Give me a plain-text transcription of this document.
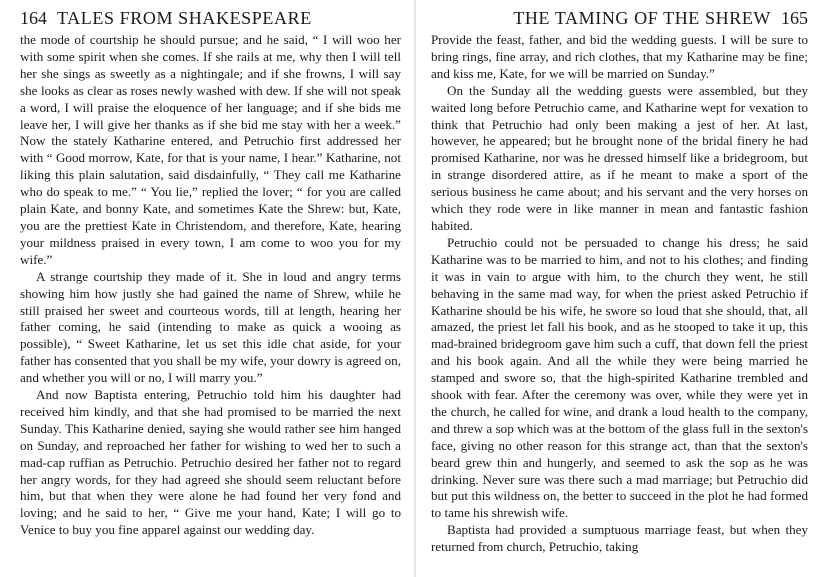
164 TALES FROM SHAKESPEARE

the mode of courtship he should pursue; and he said, “ I will woo her with some spirit when she comes. If she rails at me, why then I will tell her she sings as sweetly as a nightingale; and if she frowns, I will say she looks as clear as roses newly washed with dew. If she will not speak a word, I will praise the eloquence of her language; and if she bids me leave her, I will give her thanks as if she bid me stay with her a week.” Now the stately Katharine entered, and Petruchio first addressed her with “ Good morrow, Kate, for that is your name, I hear.” Katharine, not liking this plain salutation, said disdainfully, “ They call me Katharine who do speak to me.” “ You lie,” replied the lover; “ for you are called plain Kate, and bonny Kate, and sometimes Kate the Shrew: but, Kate, you are the prettiest Kate in Christendom, and therefore, Kate, hearing your mildness praised in every town, I am come to woo you for my wife.”

A strange courtship they made of it. She in loud and angry terms showing him how justly she had gained the name of Shrew, while he still praised her sweet and courteous words, till at length, hearing her father coming, he said (intending to make as quick a wooing as possible), “ Sweet Katharine, let us set this idle chat aside, for your father has consented that you shall be my wife, your dowry is agreed on, and whether you will or no, I will marry you.”

And now Baptista entering, Petruchio told him his daughter had received him kindly, and that she had promised to be married the next Sunday. This Katharine denied, saying she would rather see him hanged on Sunday, and reproached her father for wishing to wed her to such a mad-cap ruffian as Petruchio. Petruchio desired her father not to regard her angry words, for they had agreed she should seem reluctant before him, but that when they were alone he had found her very fond and loving; and he said to her, “ Give me your hand, Kate; I will go to Venice to buy you fine apparel against our wedding day.

THE TAMING OF THE SHREW 165

Provide the feast, father, and bid the wedding guests. I will be sure to bring rings, fine array, and rich clothes, that my Katharine may be fine; and kiss me, Kate, for we will be married on Sunday.”

On the Sunday all the wedding guests were assembled, but they waited long before Petruchio came, and Katharine wept for vexation to think that Petruchio had only been making a jest of her. At last, however, he appeared; but he brought none of the bridal finery he had promised Katharine, nor was he dressed himself like a bridegroom, but in strange disordered attire, as if he meant to make a sport of the serious business he came about; and his servant and the very horses on which they rode were in like manner in mean and fantastic fashion habited.

Petruchio could not be persuaded to change his dress; he said Katharine was to be married to him, and not to his clothes; and finding it was in vain to argue with him, to the church they went, he still behaving in the same mad way, for when the priest asked Petruchio if Katharine should be his wife, he swore so loud that she should, that, all amazed, the priest let fall his book, and as he stooped to take it up, this mad-brained bridegroom gave him such a cuff, that down fell the priest and his book again. And all the while they were being married he stamped and swore so, that the high-spirited Katharine trembled and shook with fear. After the ceremony was over, while they were yet in the church, he called for wine, and drank a loud health to the company, and threw a sop which was at the bottom of the glass full in the sexton's face, giving no other reason for this strange act, than that the sexton's beard grew thin and hungerly, and seemed to ask the sop as he was drinking. Never sure was there such a mad marriage; but Petruchio did but put this wildness on, the better to succeed in the plot he had formed to tame his shrewish wife.

Baptista had provided a sumptuous marriage feast, but when they returned from church, Petruchio, taking
